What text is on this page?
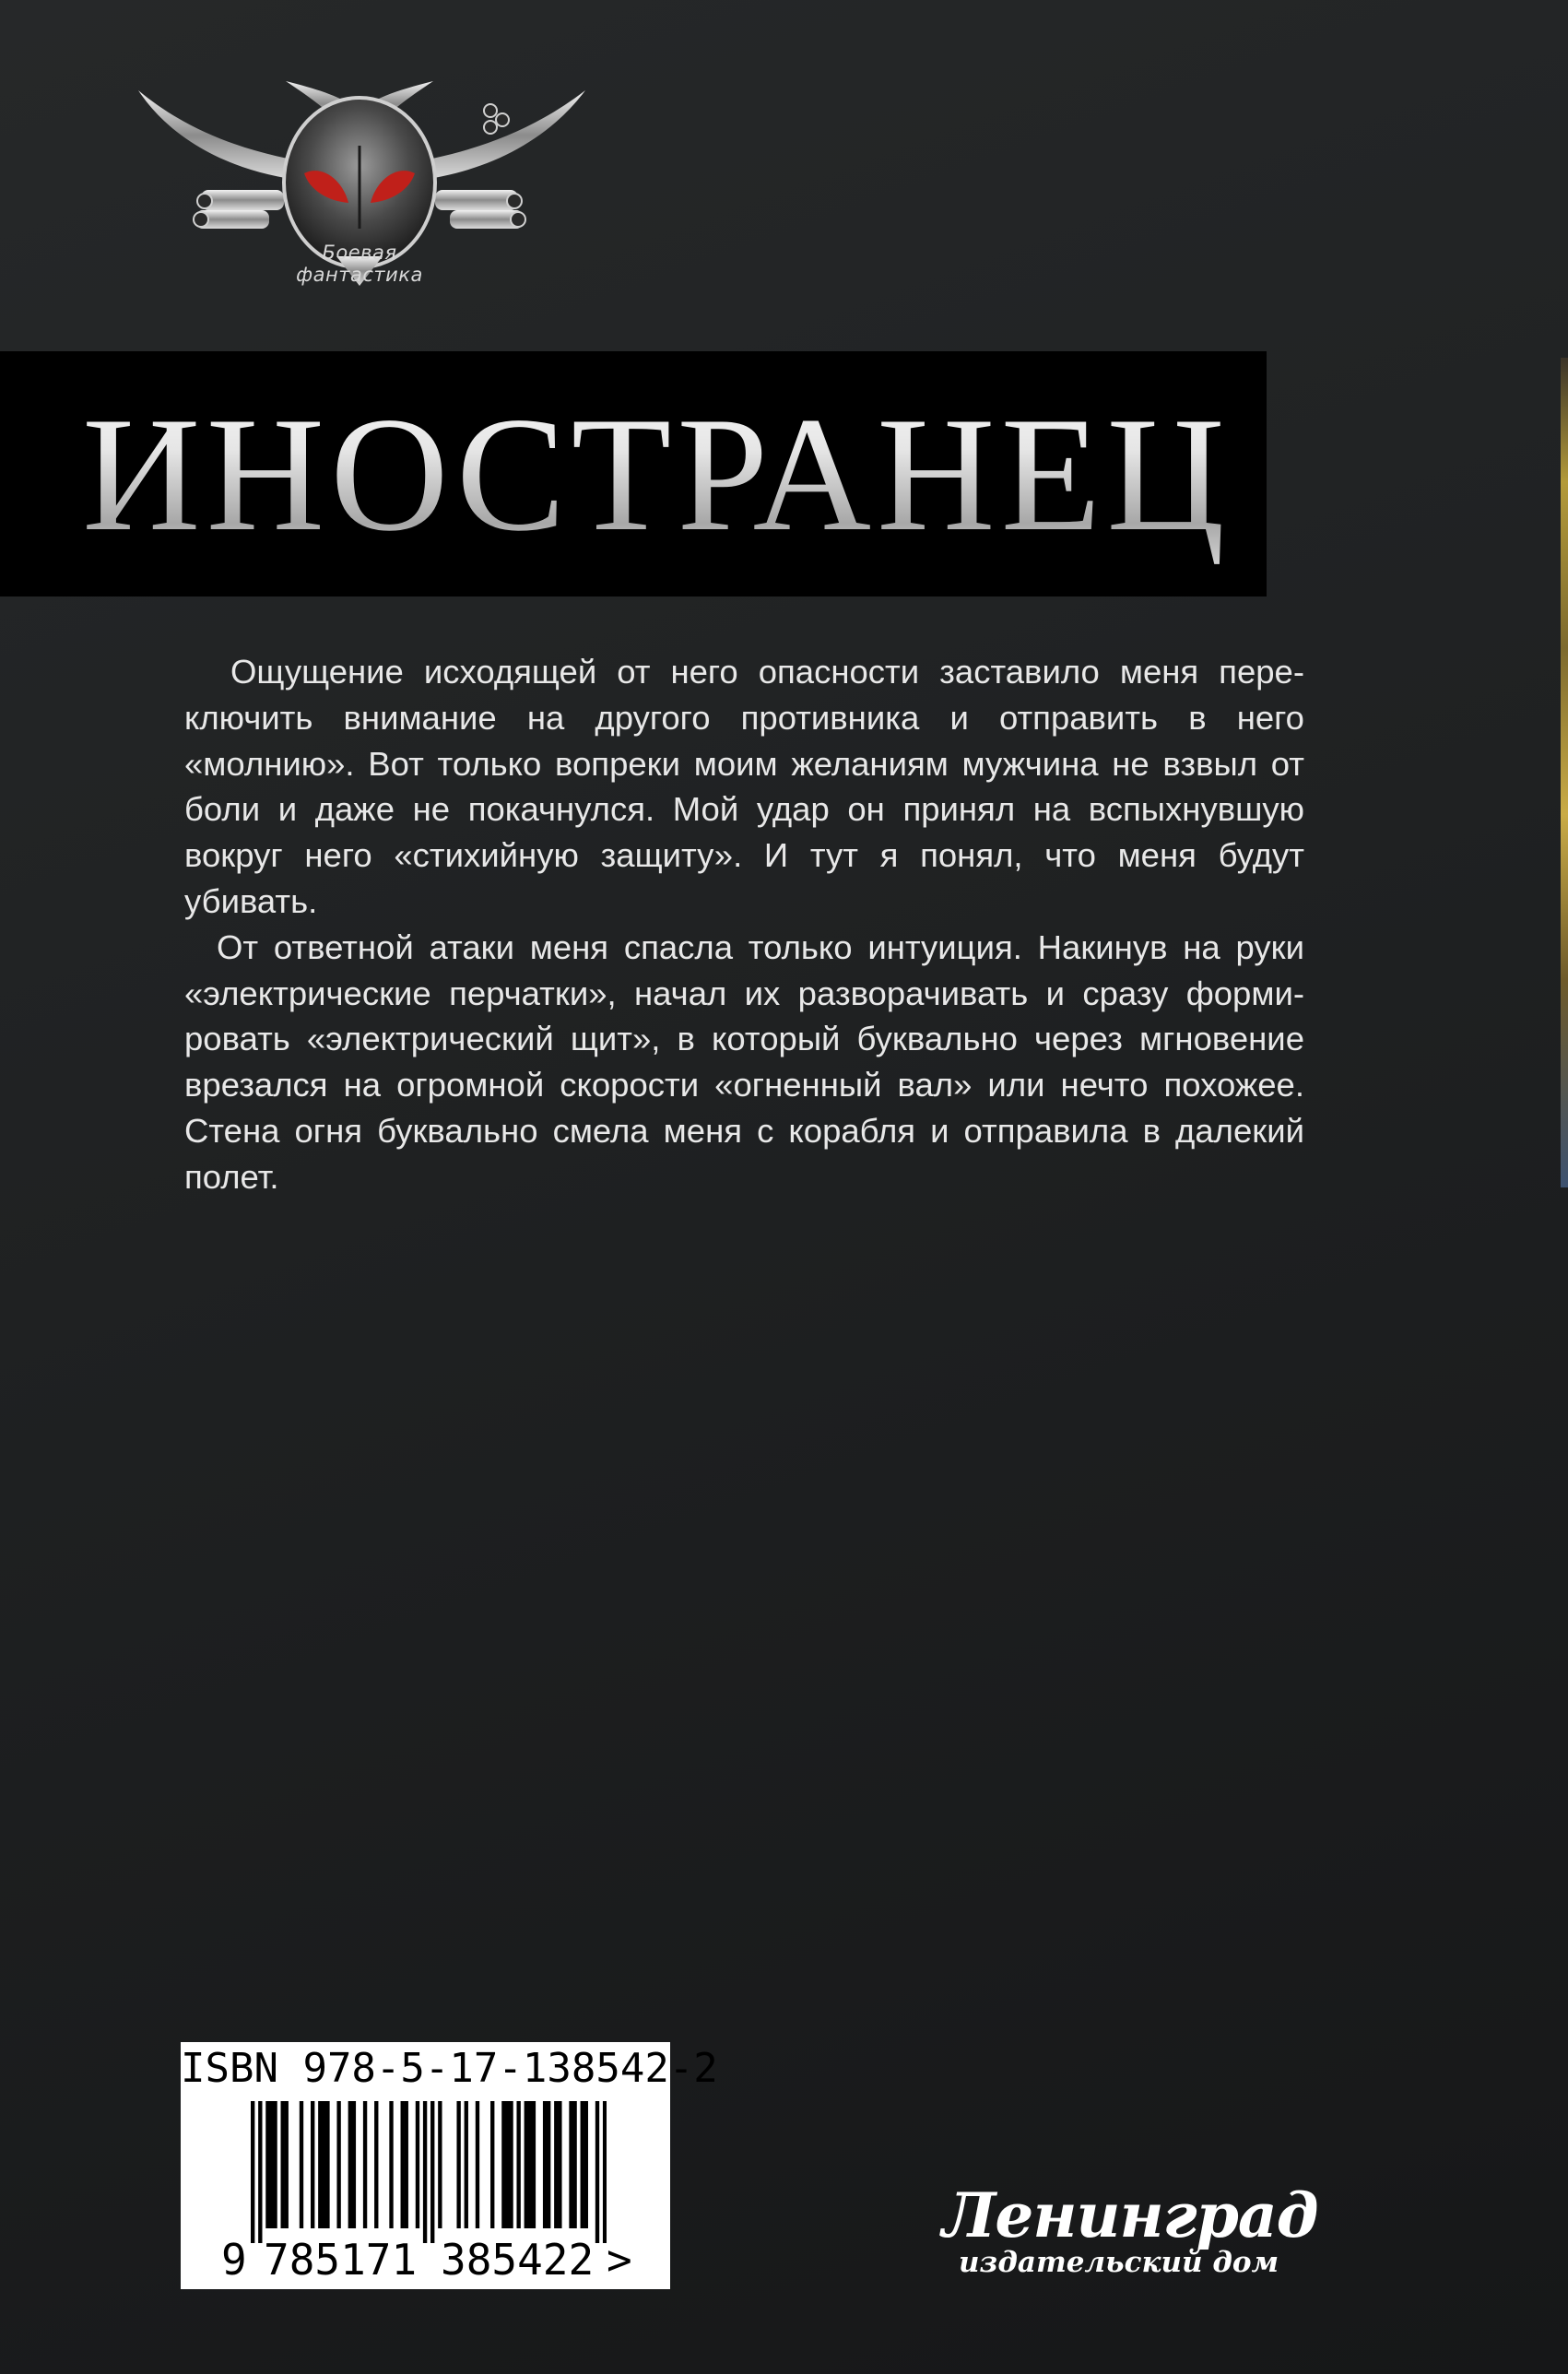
Боевая фантастика
ИНОСТРАНЕЦ

Ощущение исходящей от него опасности заставило меня переключить внимание на другого противника и отправить в него «молнию». Вот только вопреки моим желаниям мужчина не взвыл от боли и даже не покачнулся. Мой удар он принял на вспыхнувшую вокруг него «стихийную защиту». И тут я понял, что меня будут убивать.

От ответной атаки меня спасла только интуиция. Накинув на руки «электрические перчатки», начал их разворачивать и сразу формировать «электрический щит», в который буквально через мгновение врезался на огромной скорости «огненный вал» или нечто похожее. Стена огня буквально смела меня с корабля и отправила в далекий полет.

ISBN 978-5-17-138542-2
9 785171 385422 >
Ленинград
издательский дом
